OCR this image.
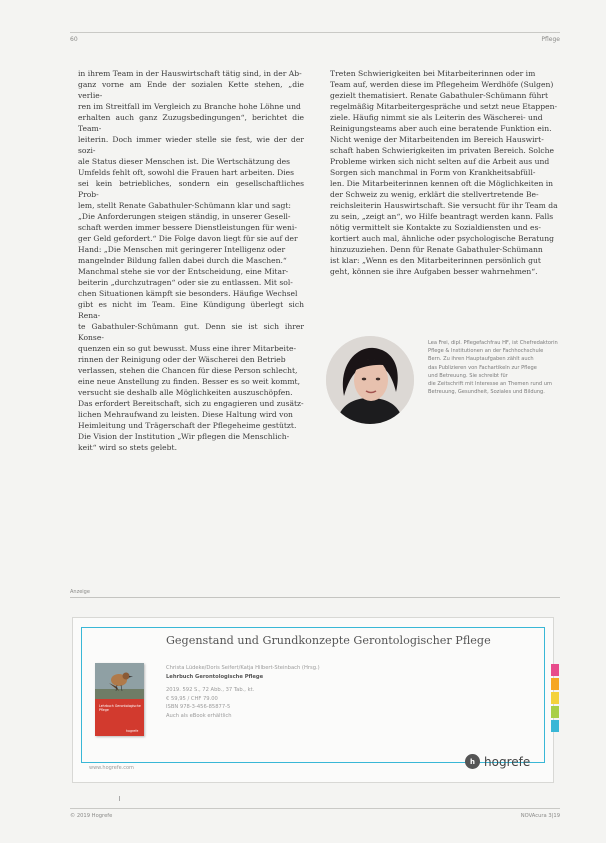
60	Pflege

in ihrem Team in der Hauswirtschaft tätig sind, in der Ab-

ganz vorne am Ende der sozialen Kette stehen, „die verlie-

ren im Streitfall im Vergleich zu Branche hohe Löhne und

erhalten auch ganz Zuzugsbedingungen“, berichtet die Team-

leiterin. Doch immer wieder stelle sie fest, wie der der sozi-

ale Status dieser Menschen ist. Die Wertschätzung des

Umfelds fehlt oft, sowohl die Frauen hart arbeiten. Dies

sei kein betriebliches, sondern ein gesellschaftliches Prob-

lem, stellt Renate Gabathuler-Schümann klar und sagt:

„Die Anforderungen steigen ständig, in unserer Gesell-

schaft werden immer bessere Dienstleistungen für weni-

ger Geld gefordert.“ Die Folge davon liegt für sie auf der

Hand: „Die Menschen mit geringerer Intelligenz oder

mangelnder Bildung fallen dabei durch die Maschen.“

Manchmal stehe sie vor der Entscheidung, eine Mitar-

beiterin „durchzutragen“ oder sie zu entlassen. Mit sol-

chen Situationen kämpft sie besonders. Häufige Wechsel

gibt es nicht im Team. Eine Kündigung überlegt sich Rena-

te Gabathuler-Schümann gut. Denn sie ist sich ihrer Konse-

quenzen ein so gut bewusst. Muss eine ihrer Mitarbeite-

rinnen der Reinigung oder der Wäscherei den Betrieb

verlassen, stehen die Chancen für diese Person schlecht,

eine neue Anstellung zu finden. Besser es so weit kommt,

versucht sie deshalb alle Möglichkeiten auszuschöpfen.

Das erfordert Bereitschaft, sich zu engagieren und zusätz-

lichen Mehraufwand zu leisten. Diese Haltung wird von

Heimleitung und Trägerschaft der Pflegeheime gestützt.

Die Vision der Institution „Wir pflegen die Menschlich-

keit“ wird so stets gelebt.

Treten Schwierigkeiten bei Mitarbeiterinnen oder im

Team auf, werden diese im Pflegeheim Werdhöfe (Sulgen)

gezielt thematisiert. Renate Gabathuler-Schümann führt

regelmäßig Mitarbeitergespräche und setzt neue Etappen-

ziele. Häufig nimmt sie als Leiterin des Wäscherei- und

Reinigungsteams aber auch eine beratende Funktion ein.

Nicht wenige der Mitarbeitenden im Bereich Hauswirt-

schaft haben Schwierigkeiten im privaten Bereich. Solche

Probleme wirken sich nicht selten auf die Arbeit aus und

Sorgen sich manchmal in Form von Krankheitsabfüll-

len. Die Mitarbeiterinnen kennen oft die Möglichkeiten in

der Schweiz zu wenig, erklärt die stellvertretende Be-

reichsleiterin Hauswirtschaft. Sie versucht für ihr Team da

zu sein, „zeigt an“, wo Hilfe beantragt werden kann. Falls

nötig vermittelt sie Kontakte zu Sozialdiensten und es-

kortiert auch mal, ähnliche oder psychologische Beratung

hinzuzuziehen. Denn für Renate Gabathuler-Schümann

ist klar: „Wenn es den Mitarbeiterinnen persönlich gut

geht, können sie ihre Aufgaben besser wahrnehmen“.

Lea Frei, dipl. Pflegefachfrau HF, ist Chefredaktorin
Pflege & Institutionen an der Fachhochschule
Bern. Zu ihren Hauptaufgaben zählt auch
das Publizieren von Fachartikeln zur Pflege
und Betreuung. Sie schreibt für
die Zeitschrift mit Interesse an Themen rund um
Betreuung, Gesundheit, Soziales und Bildung.
Anzeige
Gegenstand und Grundkonzepte Gerontologischer Pflege
Lehrbuch Gerontologische Pflege
hogrefe
Christa Lüdeke/Doris Seifert/Katja Hilbert-Steinbach (Hrsg.)
Lehrbuch Gerontologische Pflege
2019. 592 S., 72 Abb., 37 Tab., kt.
€ 59,95 / CHF 79.00
ISBN 978-3-456-85877-5
Auch als eBook erhältlich
www.hogrefe.com
h hogrefe
© 2019 Hogrefe	NOVAcura 3|19
